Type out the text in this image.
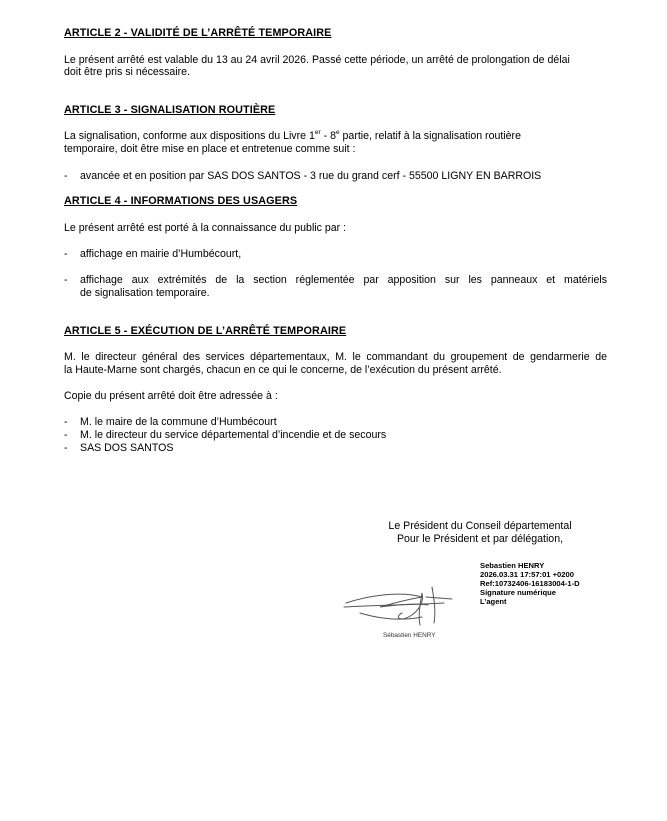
ARTICLE 2 - VALIDITÉ DE L’ARRÊTÉ TEMPORAIRE
Le présent arrêté est valable du 13 au 24 avril 2026. Passé cette période, un arrêté de prolongation de délai
doit être pris si nécessaire.
ARTICLE 3 - SIGNALISATION ROUTIÈRE
La signalisation, conforme aux dispositions du Livre 1er - 8e partie, relatif à la signalisation routière
temporaire, doit être mise en place et entretenue comme suit :
- avancée et en position par SAS DOS SANTOS - 3 rue du grand cerf - 55500 LIGNY EN BARROIS
ARTICLE 4 - INFORMATIONS DES USAGERS
Le présent arrêté est porté à la connaissance du public par :
- affichage en mairie d’Humbécourt,
- affichage aux extrémités de la section réglementée par apposition sur les panneaux et matériels
de signalisation temporaire.
ARTICLE 5 - EXÉCUTION DE L’ARRÊTÉ TEMPORAIRE
M. le directeur général des services départementaux, M. le commandant du groupement de gendarmerie de
la Haute-Marne sont chargés, chacun en ce qui le concerne, de l’exécution du présent arrêté.
Copie du présent arrêté doit être adressée à :
- M. le maire de la commune d’Humbécourt
- M. le directeur du service départemental d’incendie et de secours
- SAS DOS SANTOS
Le Président du Conseil départemental
Pour le Président et par délégation,
Sebastien HENRY
2026.03.31 17:57:01 +0200
Ref:10732406-16183004-1-D
Signature numérique
L’agent
Sébastien HENRY
